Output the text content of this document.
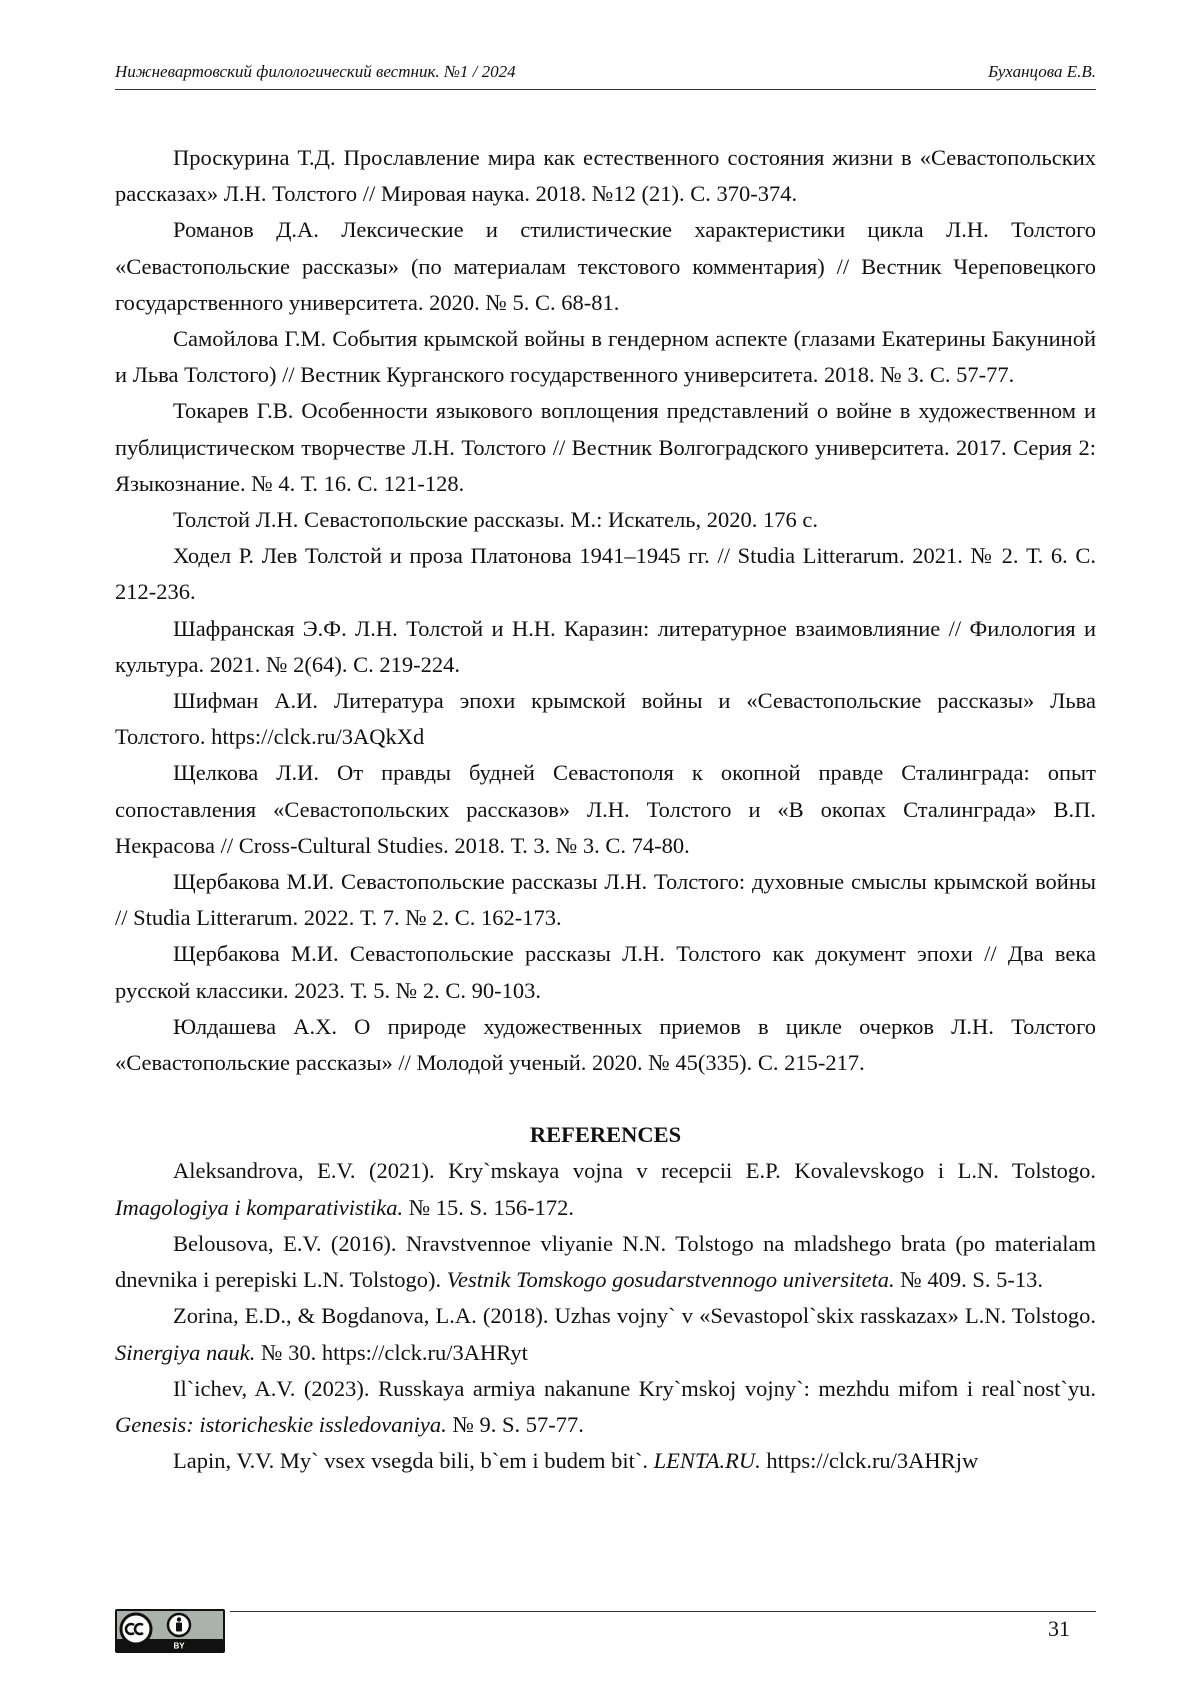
Нижневартовский филологический вестник. №1 / 2024	Буханцова Е.В.

Проскурина Т.Д. Прославление мира как естественного состояния жизни в «Севастопольских рассказах» Л.Н. Толстого // Мировая наука. 2018. №12 (21). С. 370-374.

Романов Д.А. Лексические и стилистические характеристики цикла Л.Н. Толстого «Севастопольские рассказы» (по материалам текстового комментария) // Вестник Череповецкого государственного университета. 2020. № 5. С. 68-81.

Самойлова Г.М. События крымской войны в гендерном аспекте (глазами Екатерины Бакуниной и Льва Толстого) // Вестник Курганского государственного университета. 2018. № 3. С. 57-77.

Токарев Г.В. Особенности языкового воплощения представлений о войне в художественном и публицистическом творчестве Л.Н. Толстого // Вестник Волгоградского университета. 2017. Серия 2: Языкознание. № 4. Т. 16. С. 121-128.

Толстой Л.Н. Севастопольские рассказы. М.: Искатель, 2020. 176 с.

Ходел Р. Лев Толстой и проза Платонова 1941–1945 гг. // Studia Litterarum. 2021. № 2. Т. 6. С. 212-236.

Шафранская Э.Ф. Л.Н. Толстой и Н.Н. Каразин: литературное взаимовлияние // Филология и культура. 2021. № 2(64). С. 219-224.

Шифман А.И. Литература эпохи крымской войны и «Севастопольские рассказы» Льва Толстого. https://clck.ru/3AQkXd

Щелкова Л.И. От правды будней Севастополя к окопной правде Сталинграда: опыт сопоставления «Севастопольских рассказов» Л.Н. Толстого и «В окопах Сталинграда» В.П. Некрасова // Cross-Cultural Studies. 2018. Т. 3. № 3. С. 74-80.

Щербакова М.И. Севастопольские рассказы Л.Н. Толстого: духовные смыслы крымской войны // Studia Litterarum. 2022. Т. 7. № 2. С. 162-173.

Щербакова М.И. Севастопольские рассказы Л.Н. Толстого как документ эпохи // Два века русской классики. 2023. Т. 5. № 2. С. 90-103.

Юлдашева А.Х. О природе художественных приемов в цикле очерков Л.Н. Толстого «Севастопольские рассказы» // Молодой ученый. 2020. № 45(335). С. 215-217.

REFERENCES

Aleksandrova, E.V. (2021). Kry`mskaya vojna v recepcii E.P. Kovalevskogo i L.N. Tolstogo. Imagologiya i komparativistika. № 15. S. 156-172.

Belousova, E.V. (2016). Nravstvennoe vliyanie N.N. Tolstogo na mladshego brata (po materialam dnevnika i perepiski L.N. Tolstogo). Vestnik Tomskogo gosudarstvennogo universiteta. № 409. S. 5-13.

Zorina, E.D., & Bogdanova, L.A. (2018). Uzhas vojny` v «Sevastopol`skix rasskazax» L.N. Tolstogo. Sinergiya nauk. № 30. https://clck.ru/3AHRyt

Il`ichev, A.V. (2023). Russkaya armiya nakanune Kry`mskoj vojny`: mezhdu mifom i real`nost`yu. Genesis: istoricheskie issledovaniya. № 9. S. 57-77.

Lapin, V.V. My` vsex vsegda bili, b`em i budem bit`. LENTA.RU. https://clck.ru/3AHRjw

BY
31
